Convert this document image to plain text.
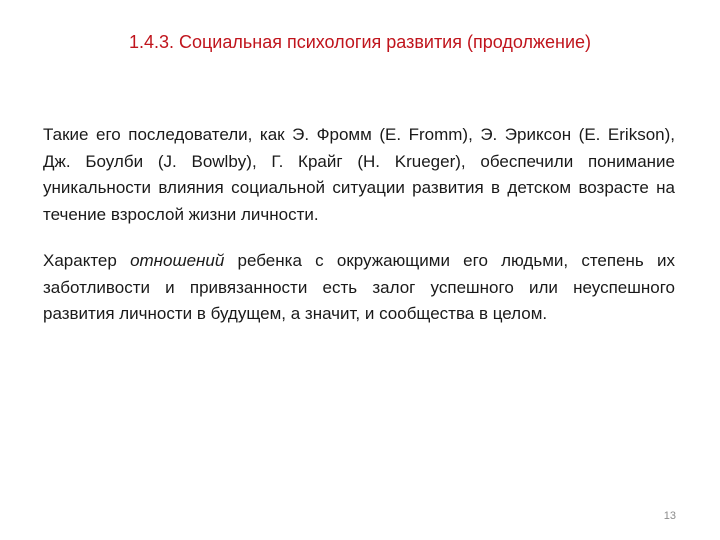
1.4.3. Социальная психология развития (продолжение)

Такие его последователи, как Э. Фромм (E. Fromm), Э. Эриксон (E. Erikson), Дж. Боулби (J. Bowlby), Г. Крайг (H. Krueger), обеспечили понимание уникальности влияния социальной ситуации развития в детском возрасте на течение взрослой жизни личности.

Характер отношений ребенка с окружающими его людьми, степень их заботливости и привязанности есть залог успешного или неуспешного развития личности в будущем, а значит, и сообщества в целом.

13
